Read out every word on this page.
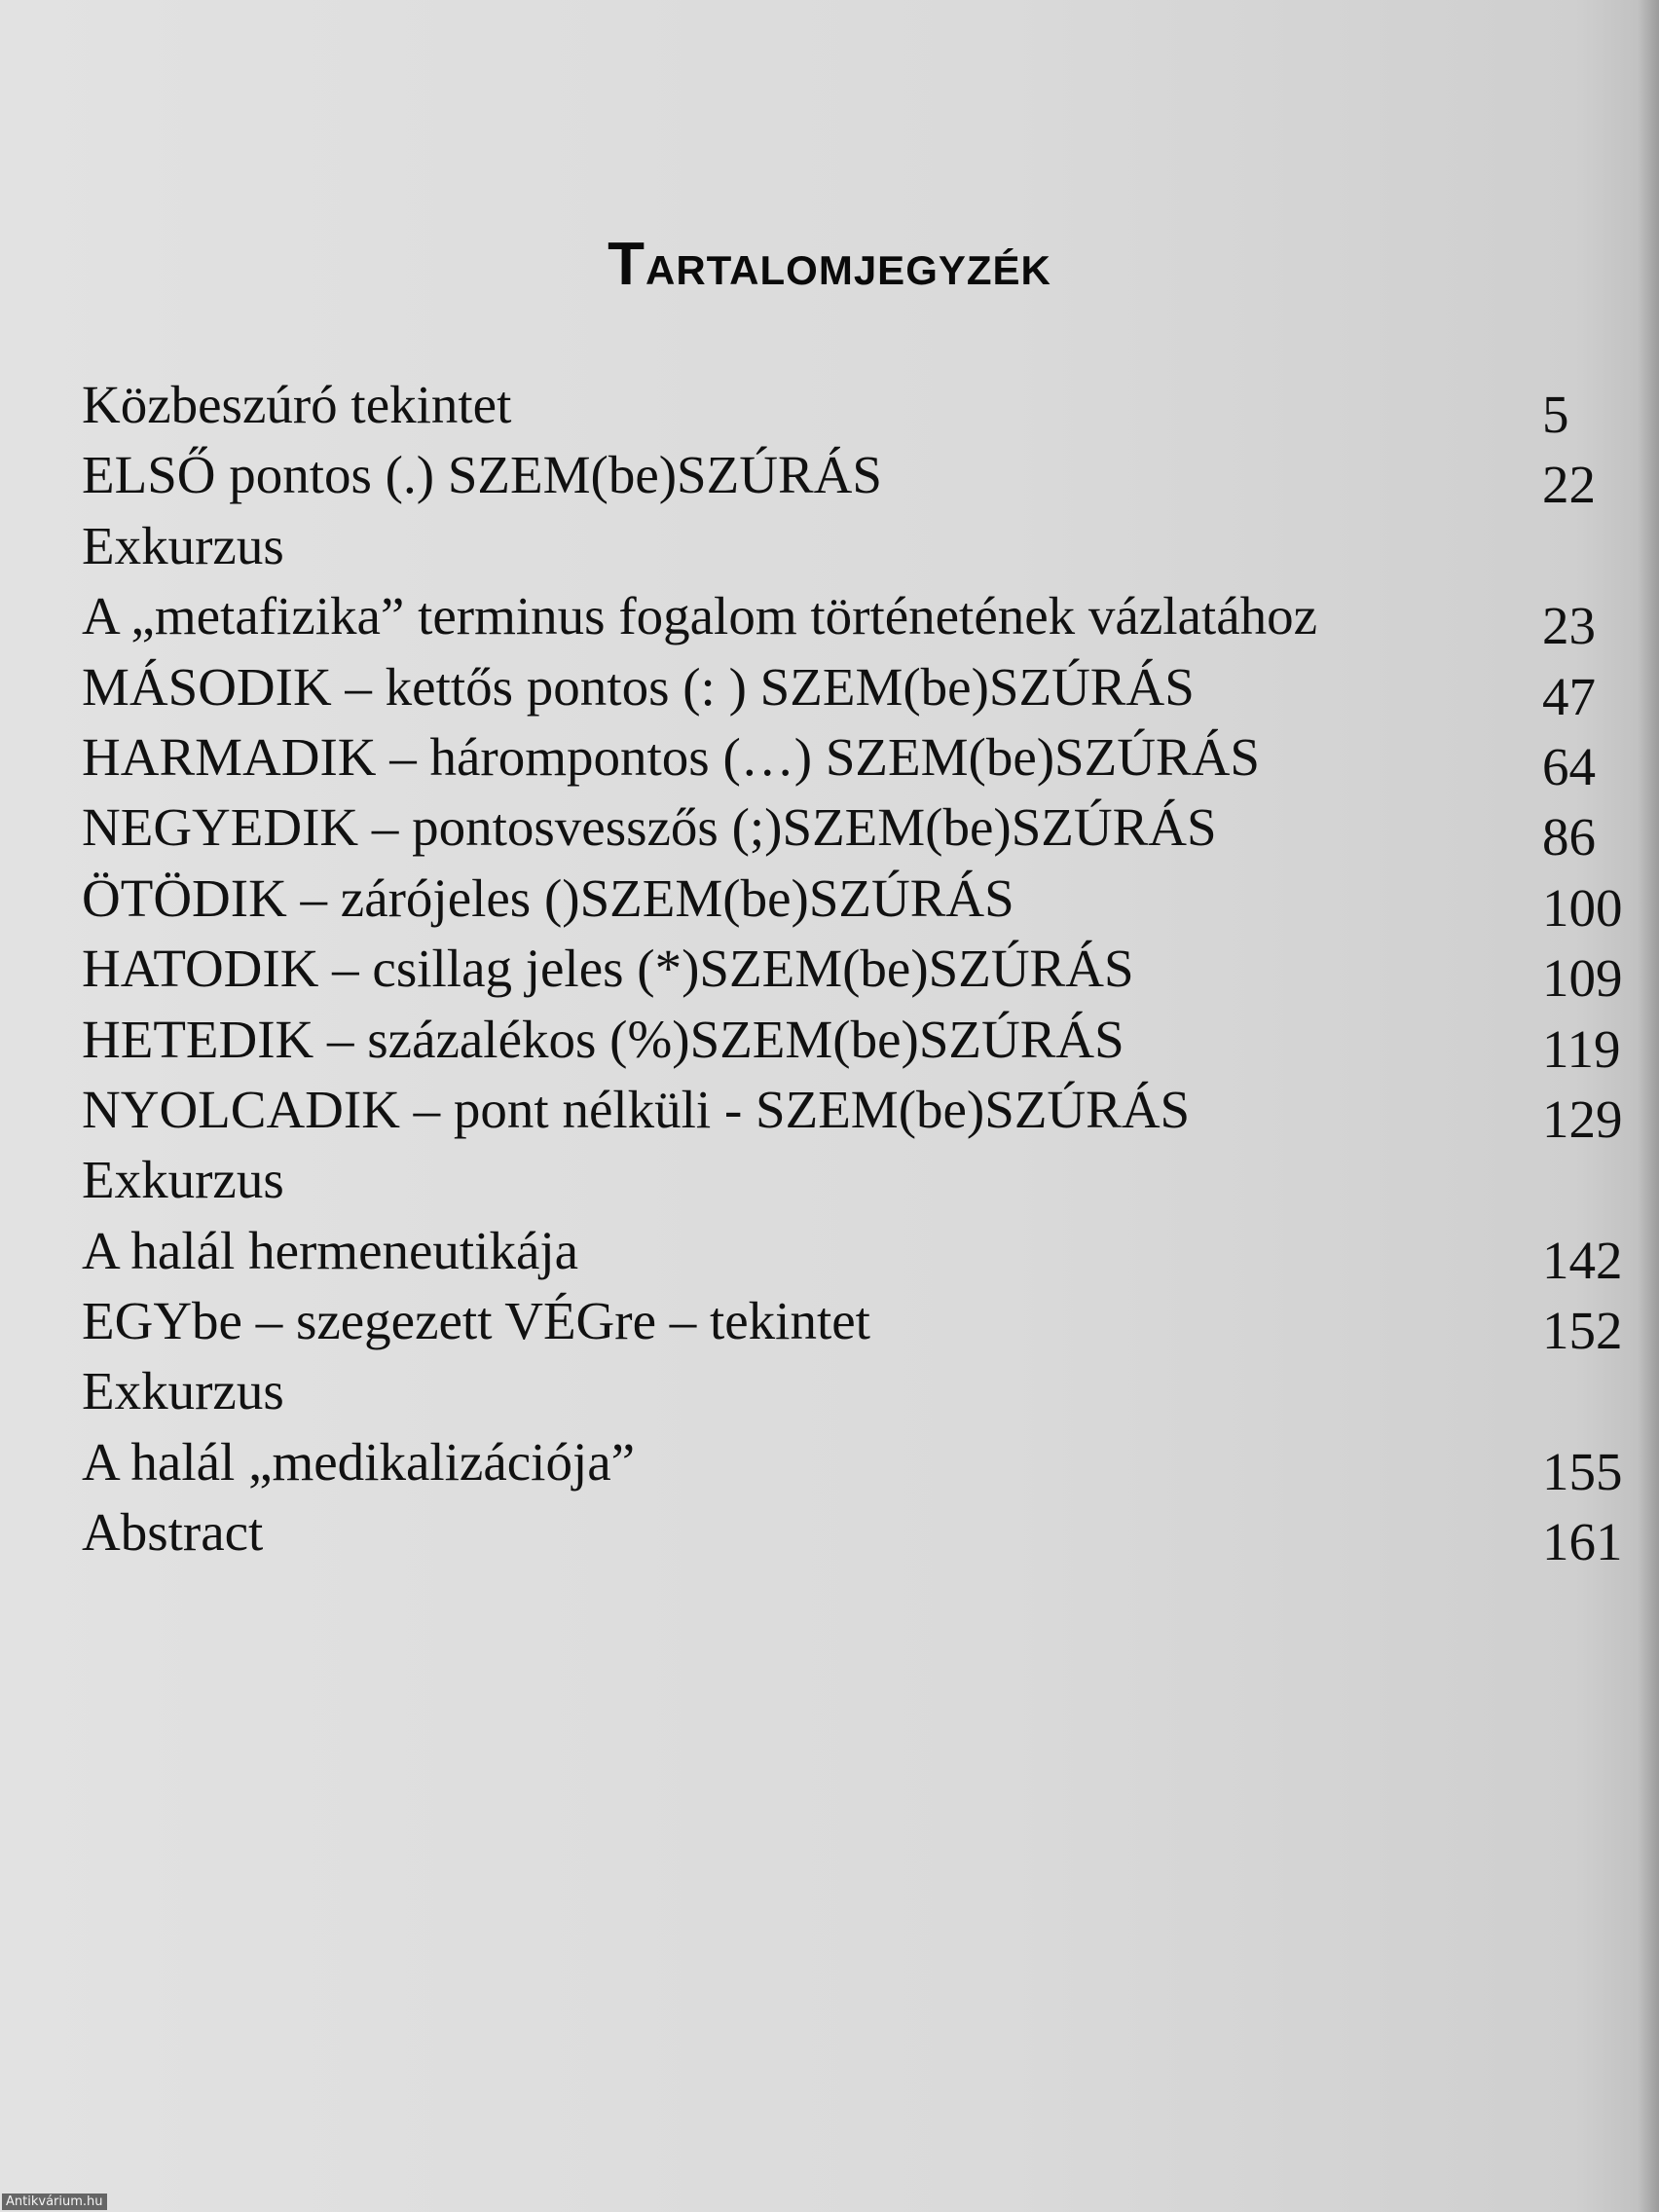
TARTALOMJEGYZÉK
Közbeszúró tekintet	5
ELSŐ pontos (.) SZEM(be)SZÚRÁS	22
Exkurzus
A „metafizika” terminus fogalom történetének vázlatához	23
MÁSODIK – kettős pontos (: ) SZEM(be)SZÚRÁS	47
HARMADIK – hárompontos (…) SZEM(be)SZÚRÁS	64
NEGYEDIK – pontosvesszős (;)SZEM(be)SZÚRÁS	86
ÖTÖDIK – zárójeles ()SZEM(be)SZÚRÁS	100
HATODIK – csillag jeles (*)SZEM(be)SZÚRÁS	109
HETEDIK – százalékos (%)SZEM(be)SZÚRÁS	119
NYOLCADIK – pont nélküli - SZEM(be)SZÚRÁS	129
Exkurzus
A halál hermeneutikája	142
EGYbe – szegezett VÉGre – tekintet	152
Exkurzus
A halál „medikalizációja”	155
Abstract	161
Antikvárium.hu
